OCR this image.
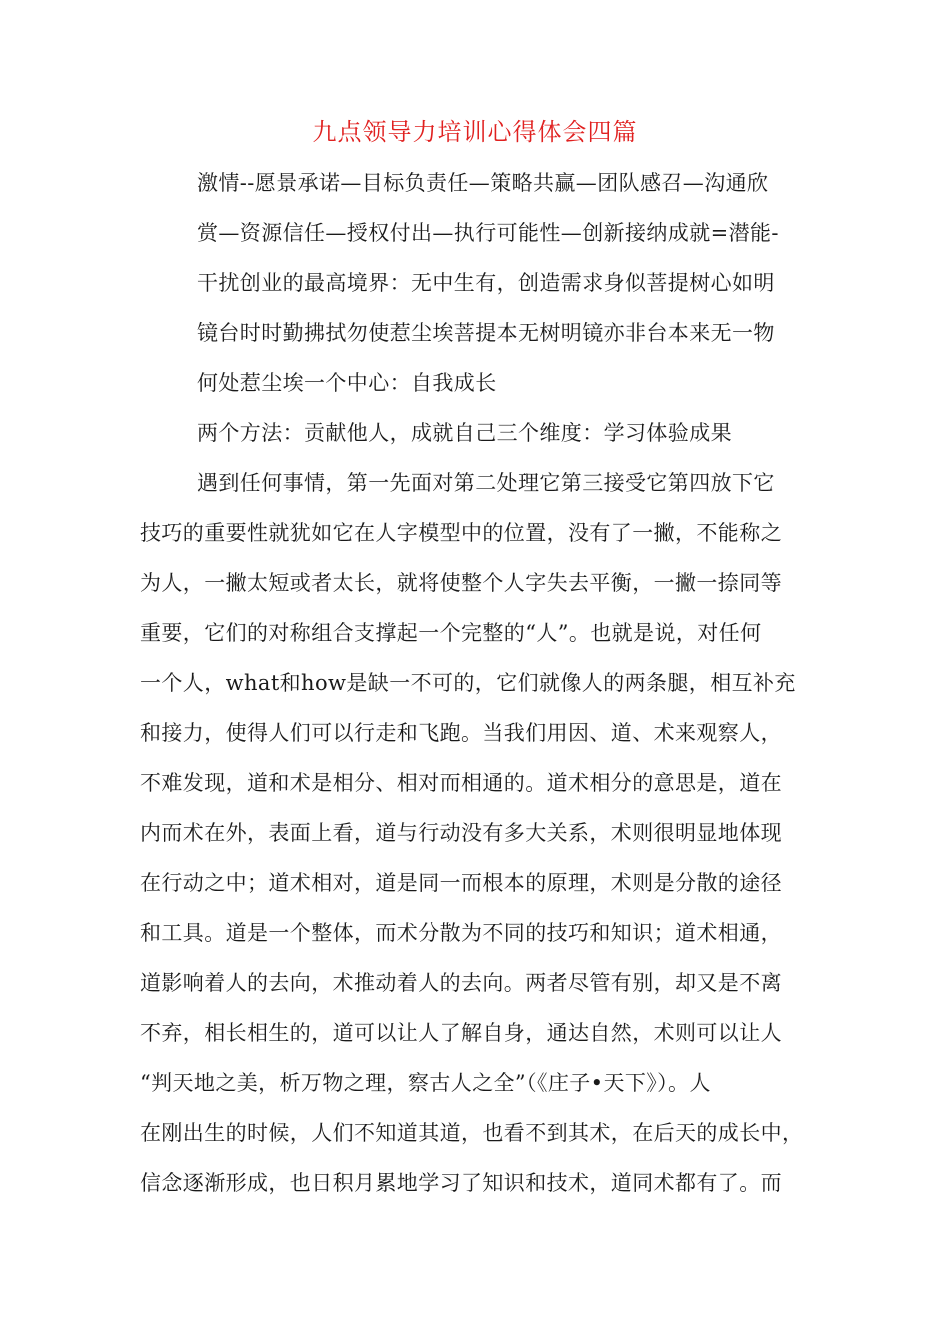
九点领导力培训心得体会四篇
激情--愿景承诺—目标负责任—策略共赢—团队感召—沟通欣
赏—资源信任—授权付出—执行可能性—创新接纳成就=潜能-
干扰创业的最高境界：无中生有，创造需求身似菩提树心如明
镜台时时勤拂拭勿使惹尘埃菩提本无树明镜亦非台本来无一物
何处惹尘埃一个中心：自我成长
两个方法：贡献他人，成就自己三个维度：学习体验成果
遇到任何事情，第一先面对第二处理它第三接受它第四放下它
技巧的重要性就犹如它在人字模型中的位置，没有了一撇，不能称之
为人，一撇太短或者太长，就将使整个人字失去平衡，一撇一捺同等
重要，它们的对称组合支撑起一个完整的“人”。也就是说，对任何
一个人，what和how是缺一不可的，它们就像人的两条腿，相互补充
和接力，使得人们可以行走和飞跑。当我们用因、道、术来观察人，
不难发现，道和术是相分、相对而相通的。道术相分的意思是，道在
内而术在外，表面上看，道与行动没有多大关系，术则很明显地体现
在行动之中；道术相对，道是同一而根本的原理，术则是分散的途径
和工具。道是一个整体，而术分散为不同的技巧和知识；道术相通，
道影响着人的去向，术推动着人的去向。两者尽管有别，却又是不离
不弃，相长相生的，道可以让人了解自身，通达自然，术则可以让人
“判天地之美，析万物之理，察古人之全”（《庄子•天下》）。人
在刚出生的时候，人们不知道其道，也看不到其术，在后天的成长中，
信念逐渐形成，也日积月累地学习了知识和技术，道同术都有了。而
